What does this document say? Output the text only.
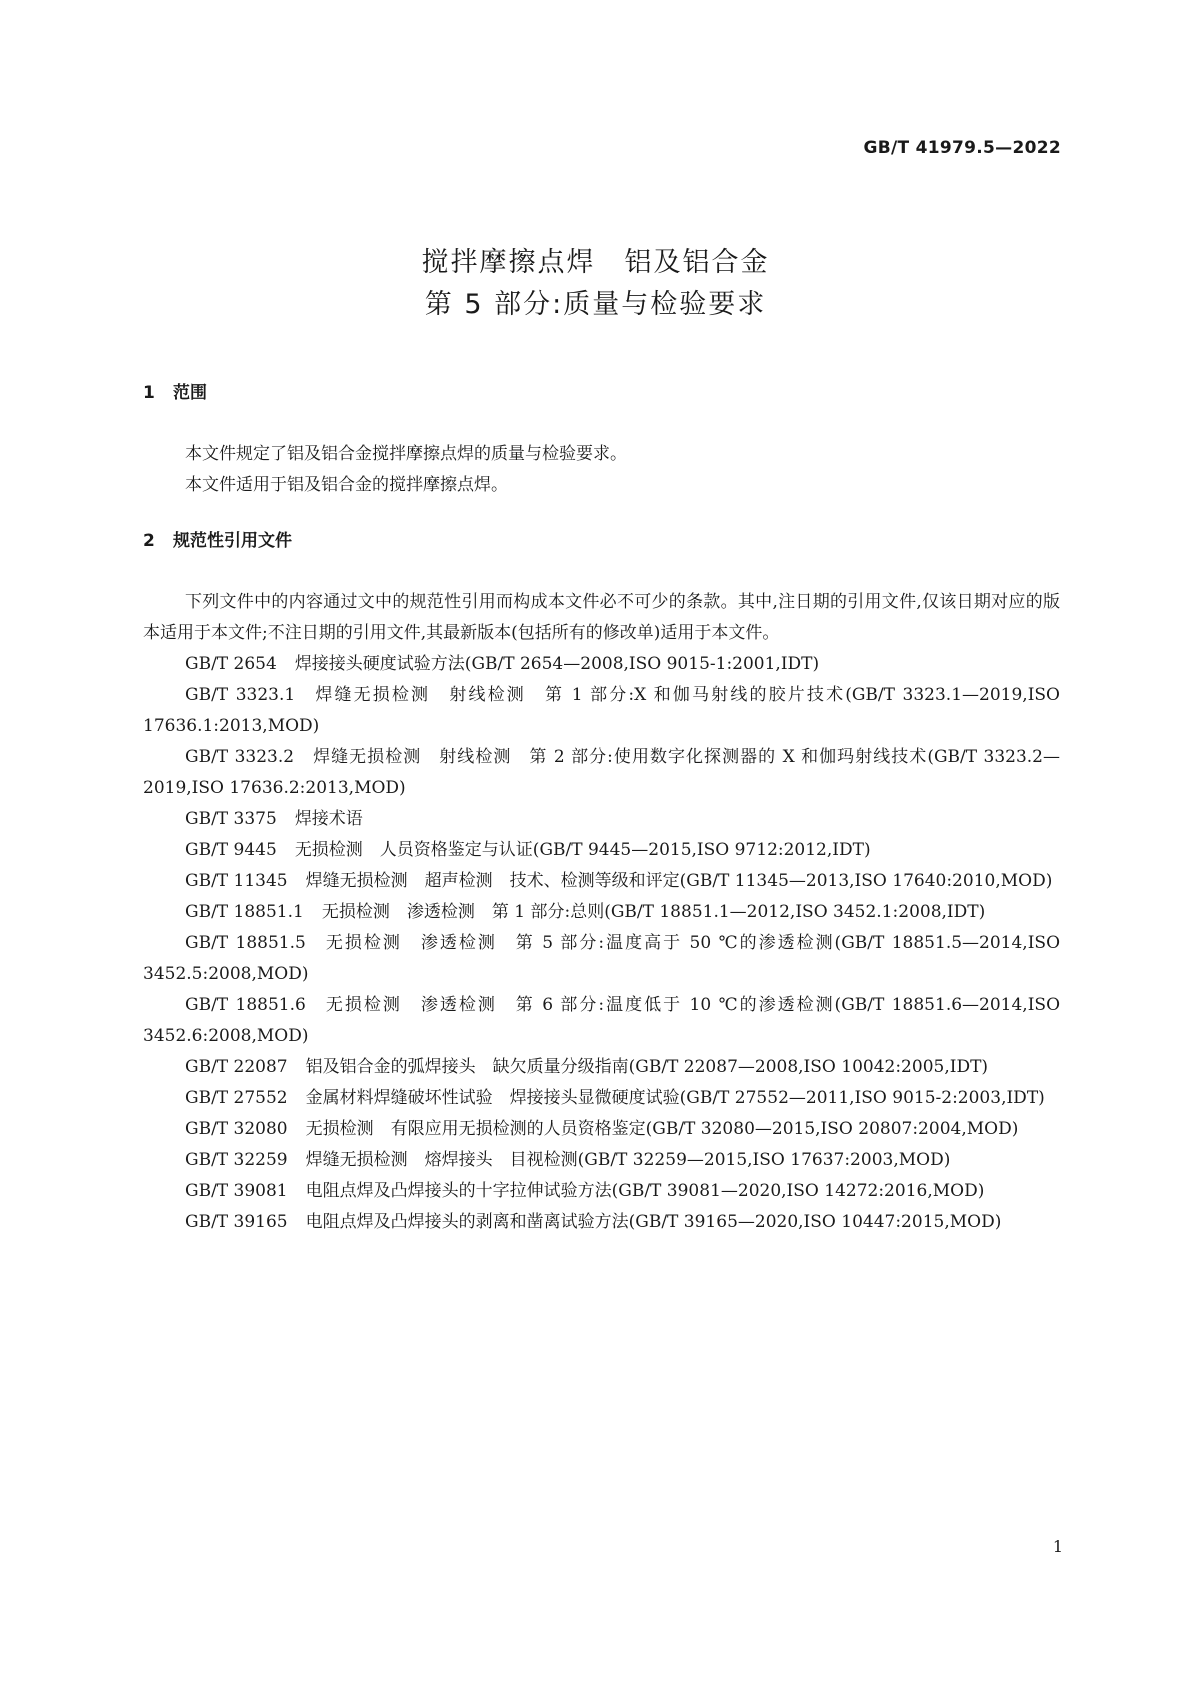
GB/T 41979.5—2022
搅拌摩擦点焊　铝及铝合金
第 5 部分:质量与检验要求
1 范围
本文件规定了铝及铝合金搅拌摩擦点焊的质量与检验要求。
本文件适用于铝及铝合金的搅拌摩擦点焊。
2 规范性引用文件
下列文件中的内容通过文中的规范性引用而构成本文件必不可少的条款。其中,注日期的引用文件,仅该日期对应的版本适用于本文件;不注日期的引用文件,其最新版本(包括所有的修改单)适用于本文件。
GB/T 2654 焊接接头硬度试验方法(GB/T 2654—2008,ISO 9015-1:2001,IDT)
GB/T 3323.1 焊缝无损检测　射线检测　第 1 部分:X 和伽马射线的胶片技术(GB/T 3323.1—2019,ISO 17636.1:2013,MOD)
GB/T 3323.2 焊缝无损检测　射线检测　第 2 部分:使用数字化探测器的 X 和伽玛射线技术(GB/T 3323.2—2019,ISO 17636.2:2013,MOD)
GB/T 3375 焊接术语
GB/T 9445 无损检测　人员资格鉴定与认证(GB/T 9445—2015,ISO 9712:2012,IDT)
GB/T 11345 焊缝无损检测　超声检测　技术、检测等级和评定(GB/T 11345—2013,ISO 17640:2010,MOD)
GB/T 18851.1 无损检测　渗透检测　第 1 部分:总则(GB/T 18851.1—2012,ISO 3452.1:2008,IDT)
GB/T 18851.5 无损检测　渗透检测　第 5 部分:温度高于 50 ℃的渗透检测(GB/T 18851.5—2014,ISO 3452.5:2008,MOD)
GB/T 18851.6 无损检测　渗透检测　第 6 部分:温度低于 10 ℃的渗透检测(GB/T 18851.6—2014,ISO 3452.6:2008,MOD)
GB/T 22087 铝及铝合金的弧焊接头　缺欠质量分级指南(GB/T 22087—2008,ISO 10042:2005,IDT)
GB/T 27552 金属材料焊缝破坏性试验　焊接接头显微硬度试验(GB/T 27552—2011,ISO 9015-2:2003,IDT)
GB/T 32080 无损检测　有限应用无损检测的人员资格鉴定(GB/T 32080—2015,ISO 20807:2004,MOD)
GB/T 32259 焊缝无损检测　熔焊接头　目视检测(GB/T 32259—2015,ISO 17637:2003,MOD)
GB/T 39081 电阻点焊及凸焊接头的十字拉伸试验方法(GB/T 39081—2020,ISO 14272:2016,MOD)
GB/T 39165 电阻点焊及凸焊接头的剥离和凿离试验方法(GB/T 39165—2020,ISO 10447:2015,MOD)
1
